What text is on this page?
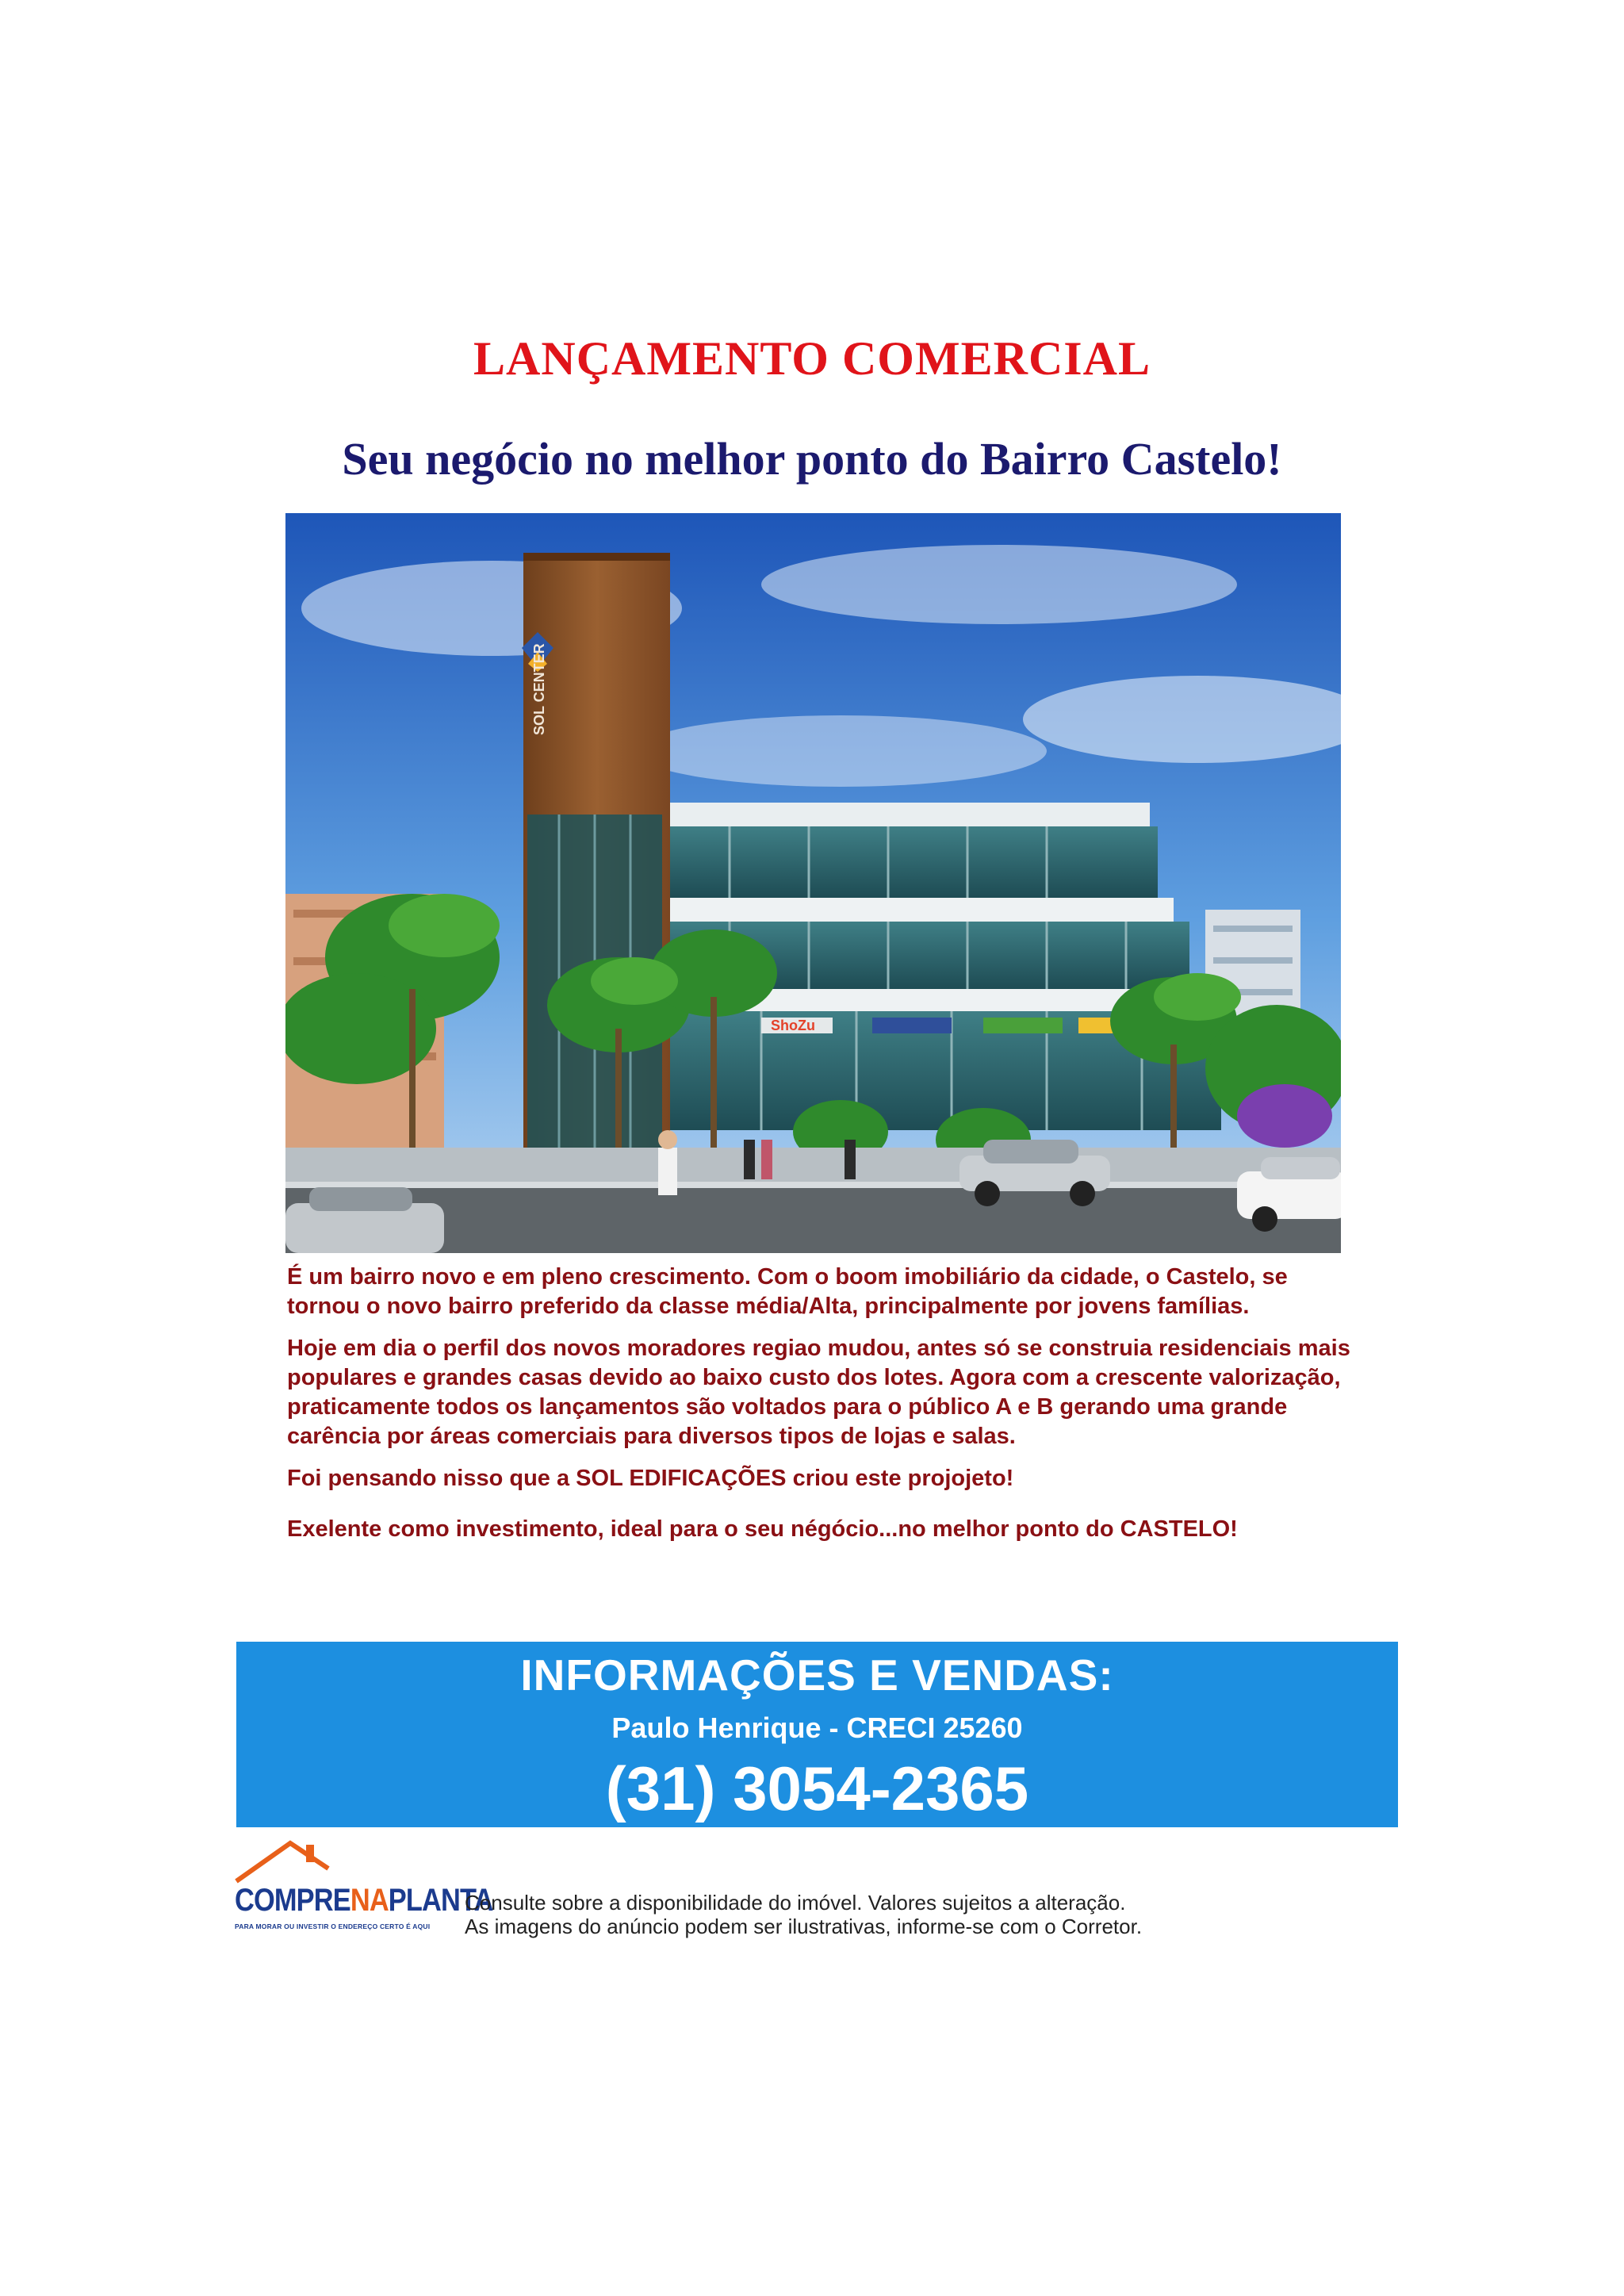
LANÇAMENTO COMERCIAL
Seu negócio no melhor ponto do Bairro Castelo!
ShoZu
SOL CENTER

É um bairro novo e em pleno crescimento. Com o boom imobiliário da cidade, o Castelo, se tornou o novo bairro preferido da classe média/Alta, principalmente por jovens famílias.

Hoje em dia o perfil dos novos moradores regiao mudou, antes só se construia residenciais mais populares e grandes casas devido ao baixo custo dos lotes. Agora com a crescente valorização, praticamente todos os lançamentos são voltados para o público A e B gerando uma grande carência por áreas comerciais para diversos tipos de lojas e salas.

Foi pensando nisso que a SOL EDIFICAÇÕES criou este projojeto!

Exelente como investimento, ideal para o seu négócio...no melhor ponto do CASTELO!

INFORMAÇÕES E VENDAS:
Paulo Henrique - CRECI 25260
(31) 3054-2365
COMPRENAPLANTA
PARA MORAR OU INVESTIR O ENDEREÇO CERTO É AQUI
Consulte sobre a disponibilidade do imóvel. Valores sujeitos a alteração.
As imagens do anúncio podem ser ilustrativas, informe-se com o Corretor.
